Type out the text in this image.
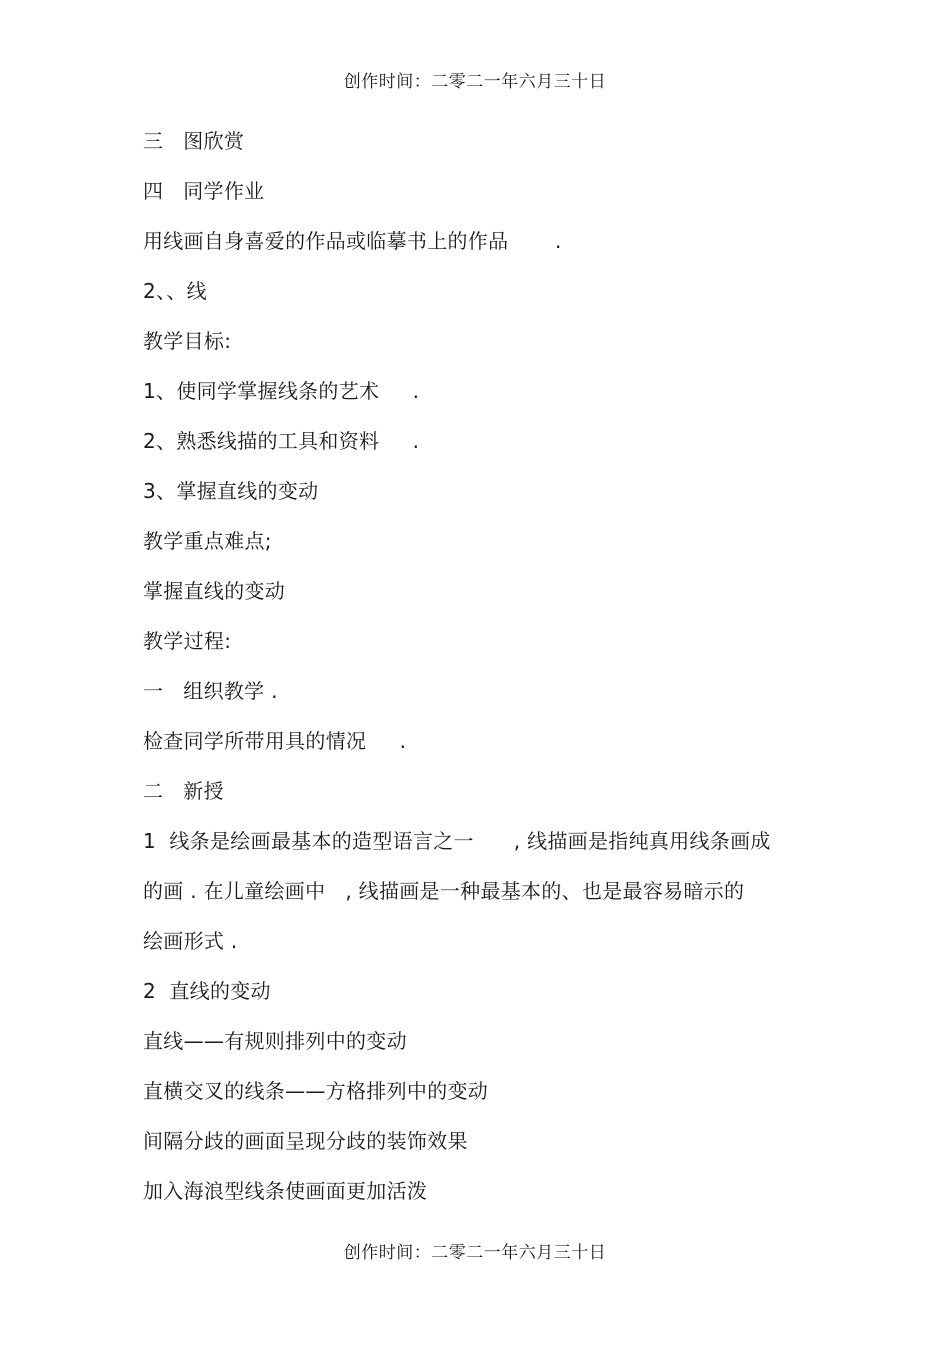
创作时间：二零二一年六月三十日
三   图欣赏
四   同学作业
用线画自身喜爱的作品或临摹书上的作品       .
2、、线
教学目标:
1、使同学掌握线条的艺术     .
2、熟悉线描的工具和资料     .
3、掌握直线的变动
教学重点难点;
掌握直线的变动
教学过程:
一   组织教学 .
检查同学所带用具的情况     .
二   新授
1  线条是绘画最基本的造型语言之一      , 线描画是指纯真用线条画成
的画 . 在儿童绘画中   , 线描画是一种最基本的、也是最容易暗示的
绘画形式 .
2  直线的变动
直线——有规则排列中的变动
直横交叉的线条——方格排列中的变动
间隔分歧的画面呈现分歧的装饰效果
加入海浪型线条使画面更加活泼
创作时间：二零二一年六月三十日
